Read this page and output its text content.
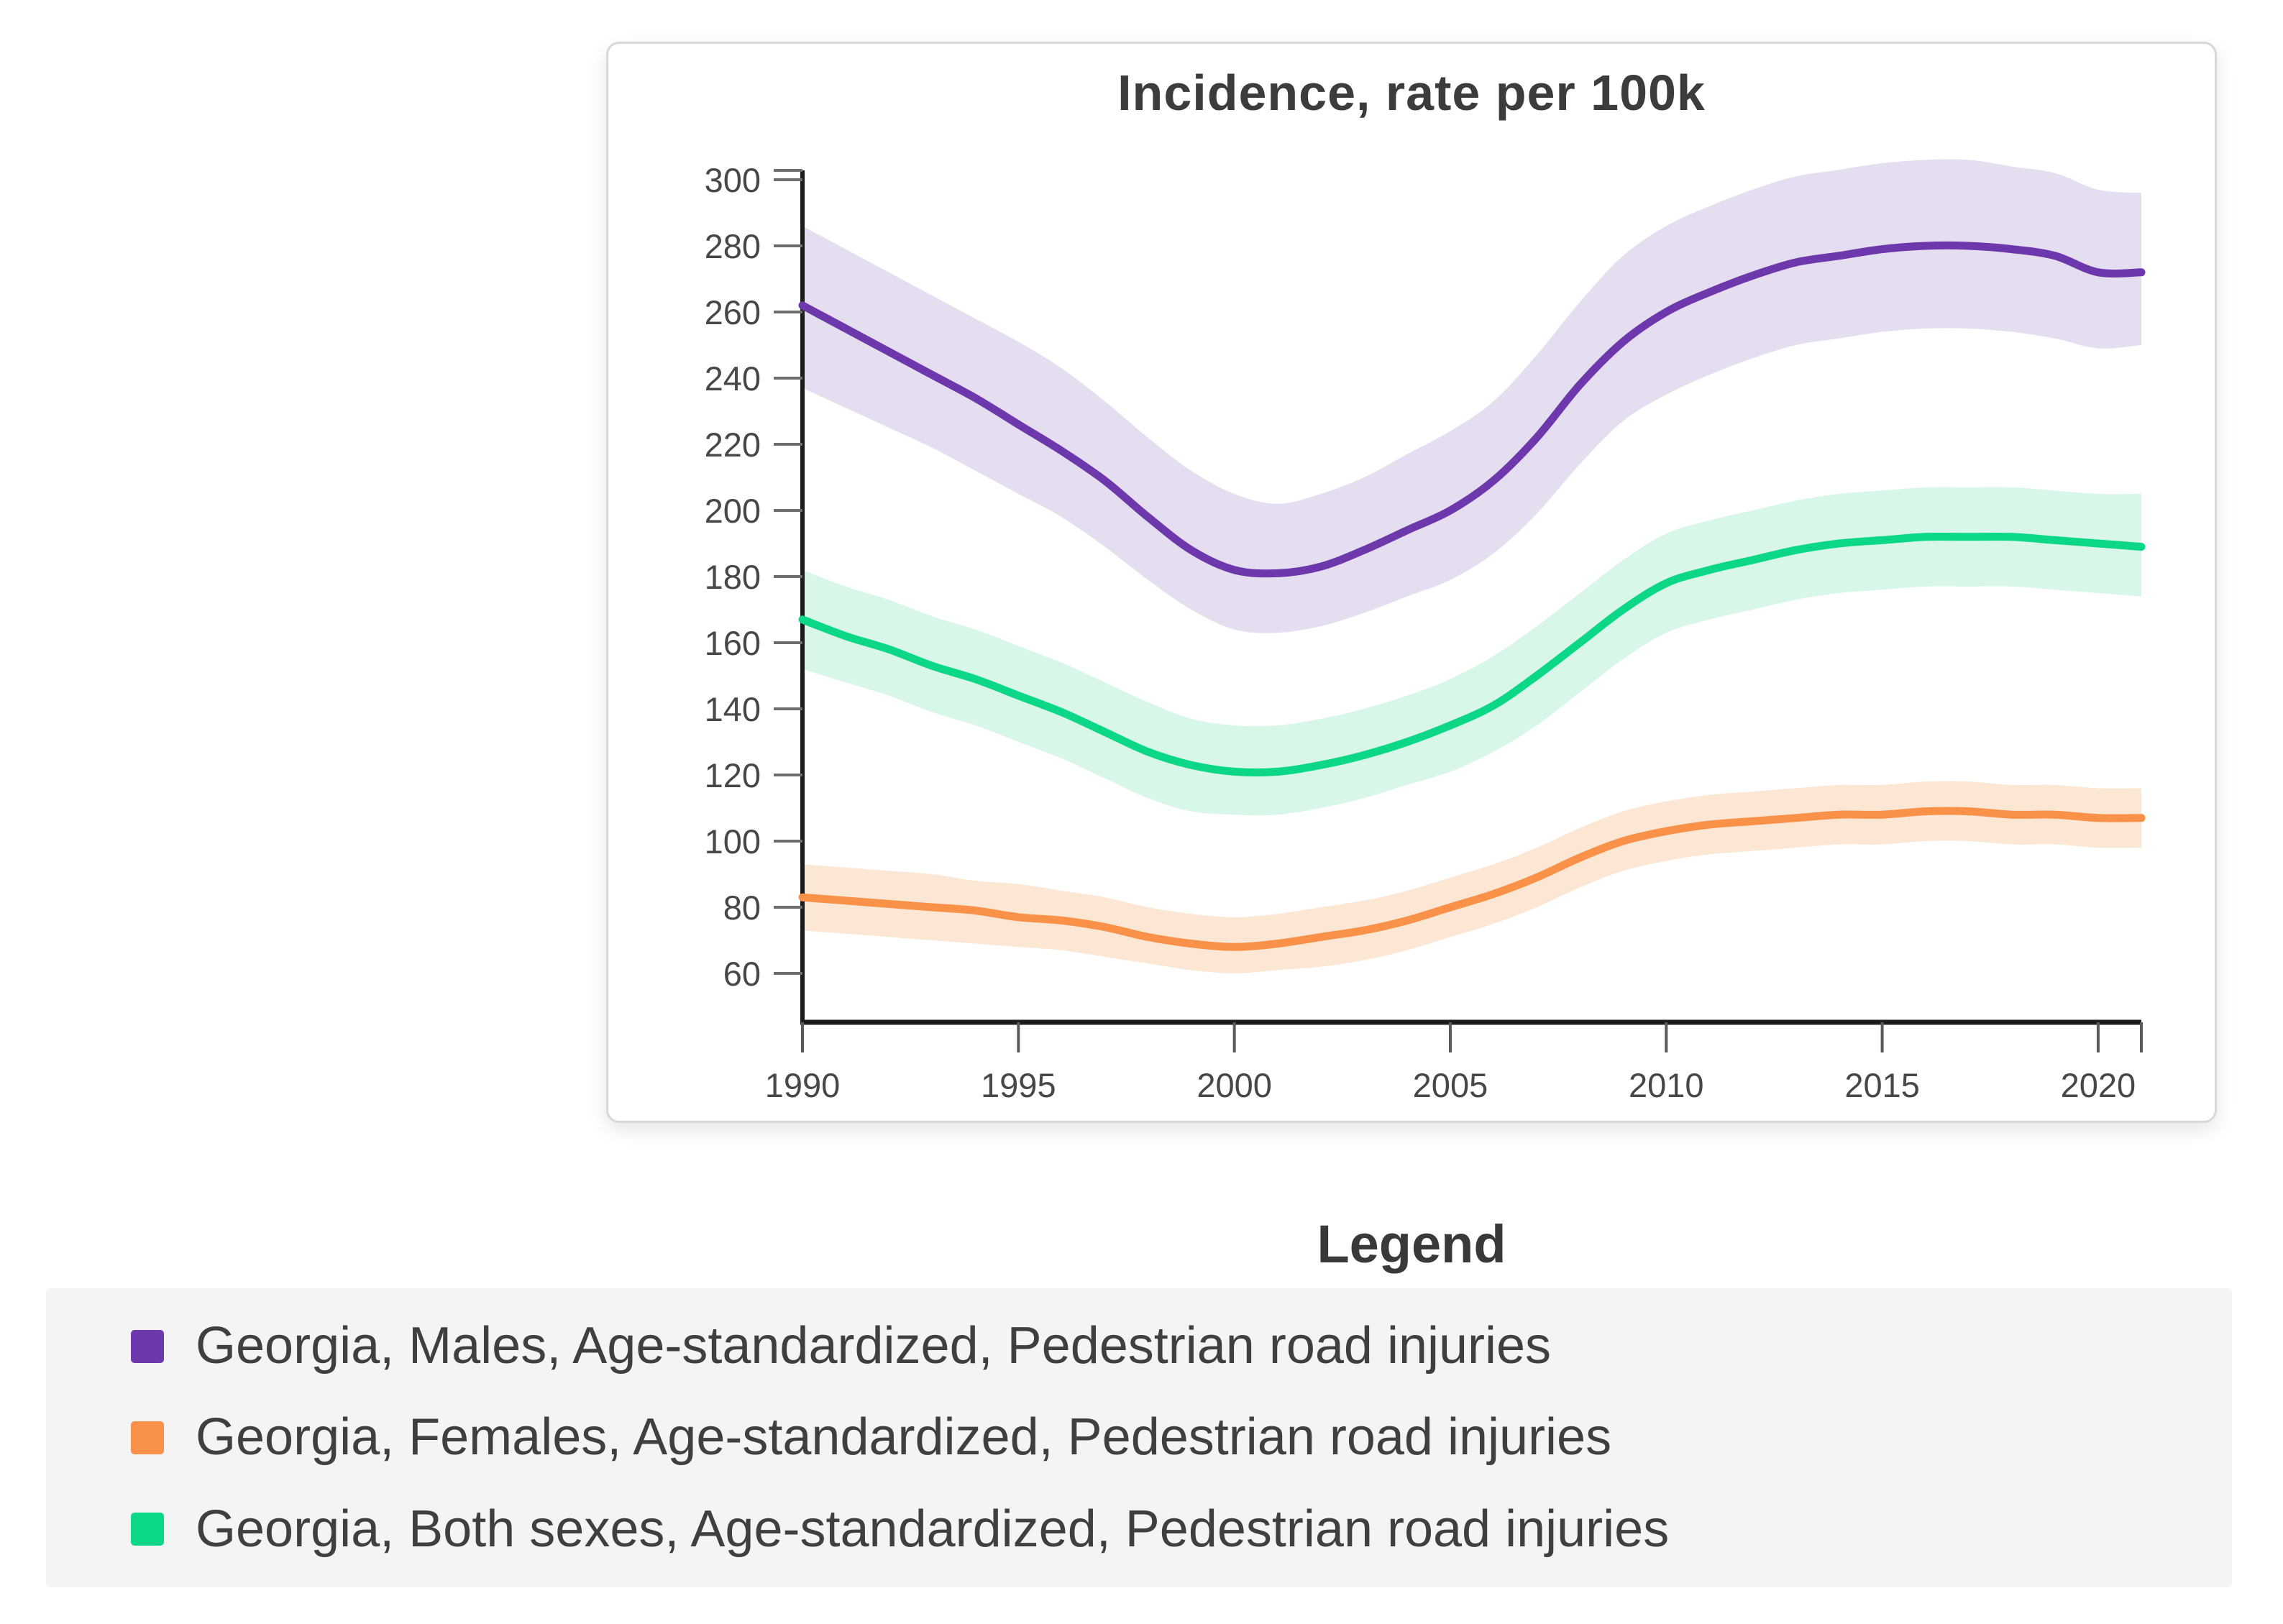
Incidence, rate per 100k
60
80
100
120
140
160
180
200
220
240
260
280
300
1990	1995	2000	2005	2010	2015	2020
Legend
Georgia, Males, Age-standardized, Pedestrian road injuries
Georgia, Females, Age-standardized, Pedestrian road injuries
Georgia, Both sexes, Age-standardized, Pedestrian road injuries
